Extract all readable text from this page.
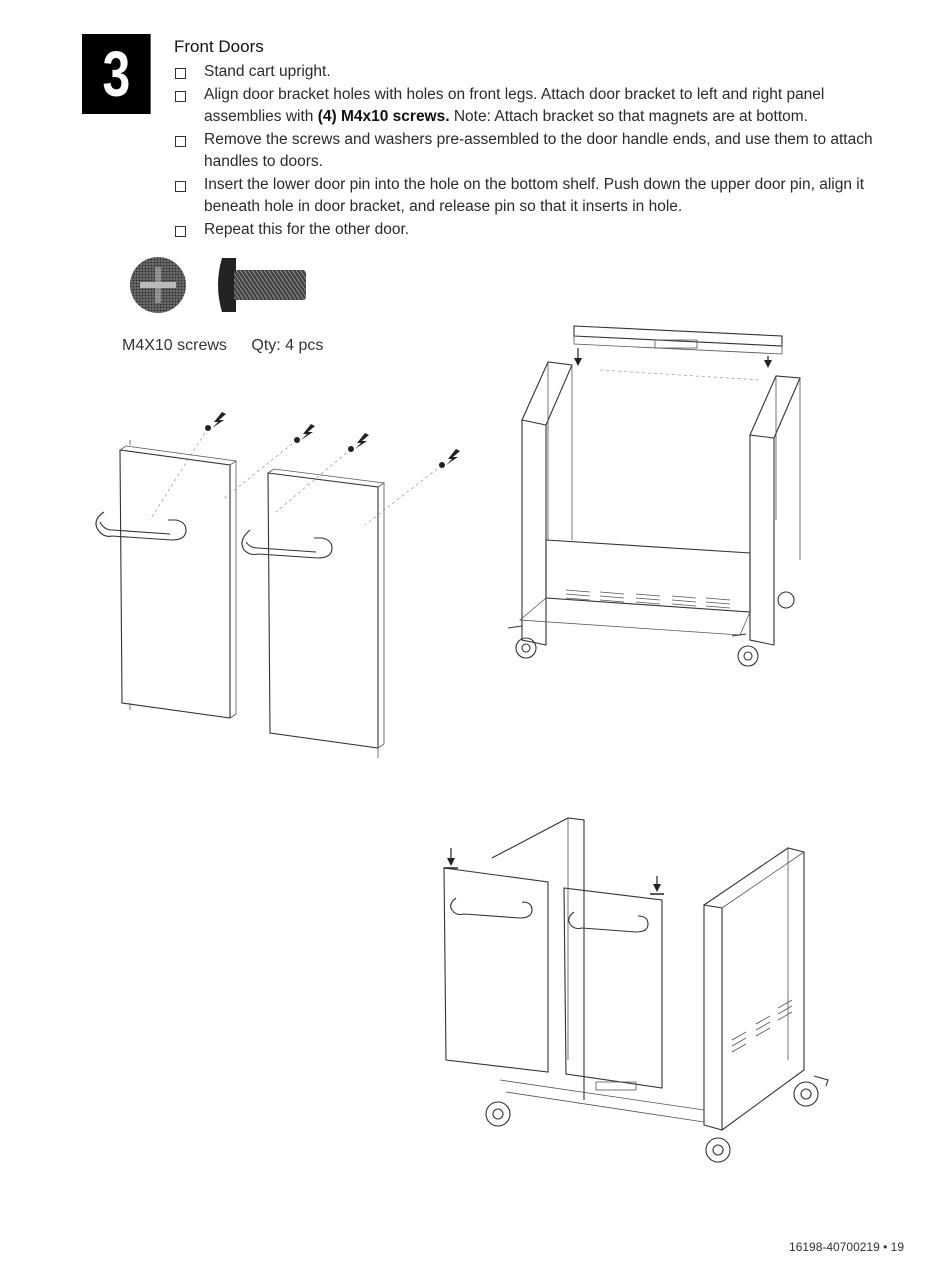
3	Front Doors
Stand cart upright.
Align door bracket holes with holes on front legs. Attach door bracket to left and right panel assemblies with (4) M4x10 screws. Note: Attach bracket so that magnets are at bottom.
Remove the screws and washers pre-assembled to the door handle ends, and use them to attach handles to doors.
Insert the lower door pin into the hole on the bottom shelf. Push down the upper door pin, align it beneath hole in door bracket, and release pin so that it inserts in hole.
Repeat this for the other door.
M4X10 screws Qty: 4 pcs
16198-40700219 • 19
